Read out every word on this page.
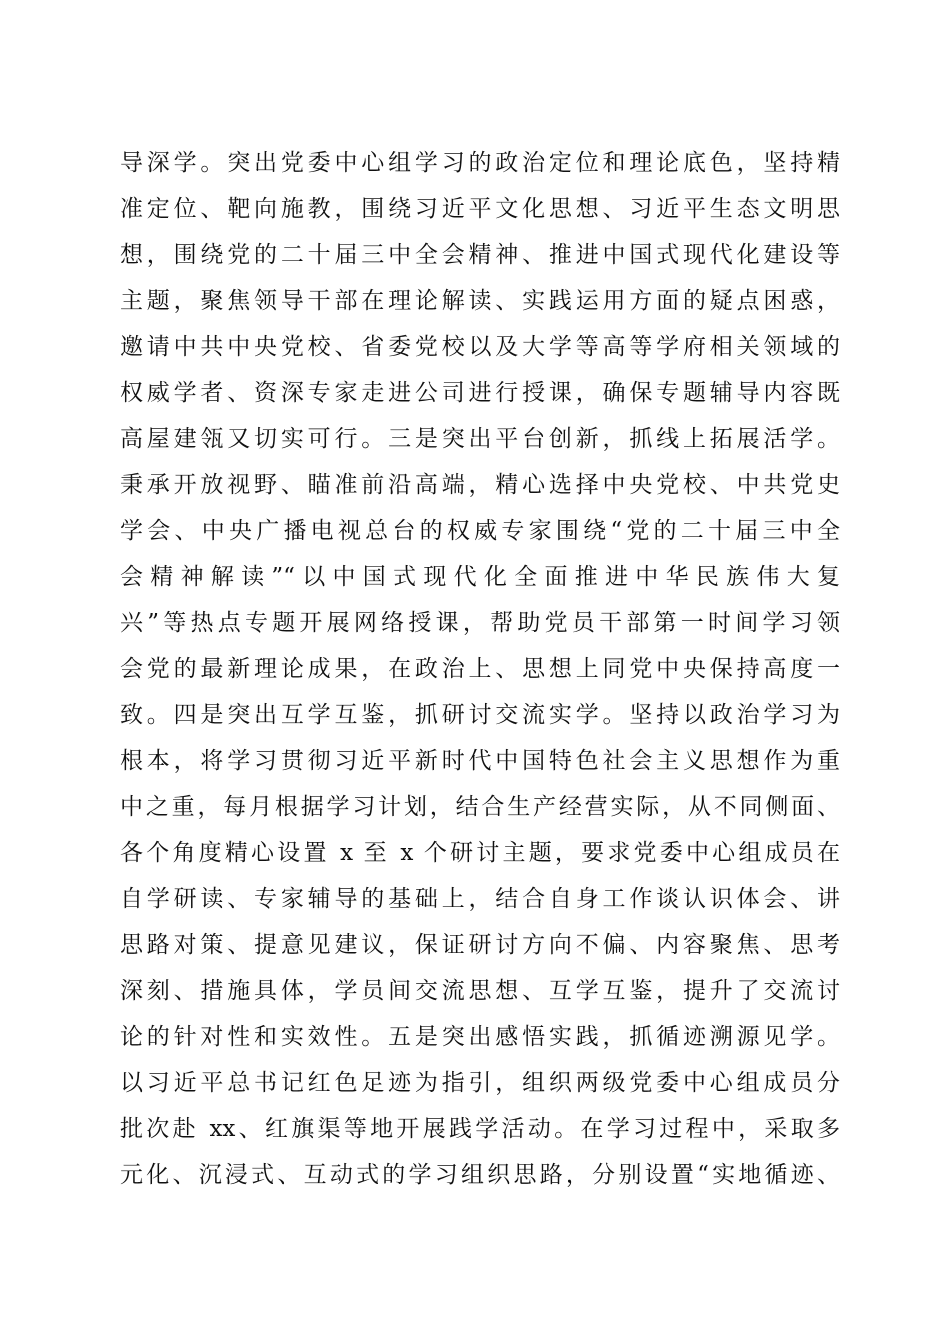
导深学。突出党委中心组学习的政治定位和理论底色，坚持精
准定位、靶向施教，围绕习近平文化思想、习近平生态文明思
想，围绕党的二十届三中全会精神、推进中国式现代化建设等
主题，聚焦领导干部在理论解读、实践运用方面的疑点困惑，
邀请中共中央党校、省委党校以及大学等高等学府相关领域的
权威学者、资深专家走进公司进行授课，确保专题辅导内容既
高屋建瓴又切实可行。三是突出平台创新，抓线上拓展活学。
秉承开放视野、瞄准前沿高端，精心选择中央党校、中共党史
学会、中央广播电视总台的权威专家围绕“党的二十届三中全
会精神解读”“以中国式现代化全面推进中华民族伟大复
兴”等热点专题开展网络授课，帮助党员干部第一时间学习领
会党的最新理论成果，在政治上、思想上同党中央保持高度一
致。四是突出互学互鉴，抓研讨交流实学。坚持以政治学习为
根本，将学习贯彻习近平新时代中国特色社会主义思想作为重
中之重，每月根据学习计划，结合生产经营实际，从不同侧面、
各个角度精心设置 x 至 x 个研讨主题，要求党委中心组成员在
自学研读、专家辅导的基础上，结合自身工作谈认识体会、讲
思路对策、提意见建议，保证研讨方向不偏、内容聚焦、思考
深刻、措施具体，学员间交流思想、互学互鉴，提升了交流讨
论的针对性和实效性。五是突出感悟实践，抓循迹溯源见学。
以习近平总书记红色足迹为指引，组织两级党委中心组成员分
批次赴 xx、红旗渠等地开展践学活动。在学习过程中，采取多
元化、沉浸式、互动式的学习组织思路，分别设置“实地循迹、
